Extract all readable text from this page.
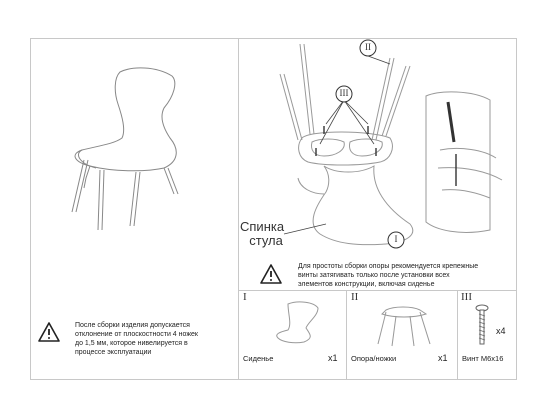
После сборки изделия допускается
отклонение от плоскостности 4 ножек
до 1,5 мм, которое нивелируется в
процессе эксплуатации
III
II
I
Спинка
стула
Для простоты сборки опоры рекомендуется крепежные
винты затягивать только после установки всех
элементов конструкции, включая сиденье
I
Сиденье	x1
II
Опора/ножки	x1
III
x4
Винт М6х16
